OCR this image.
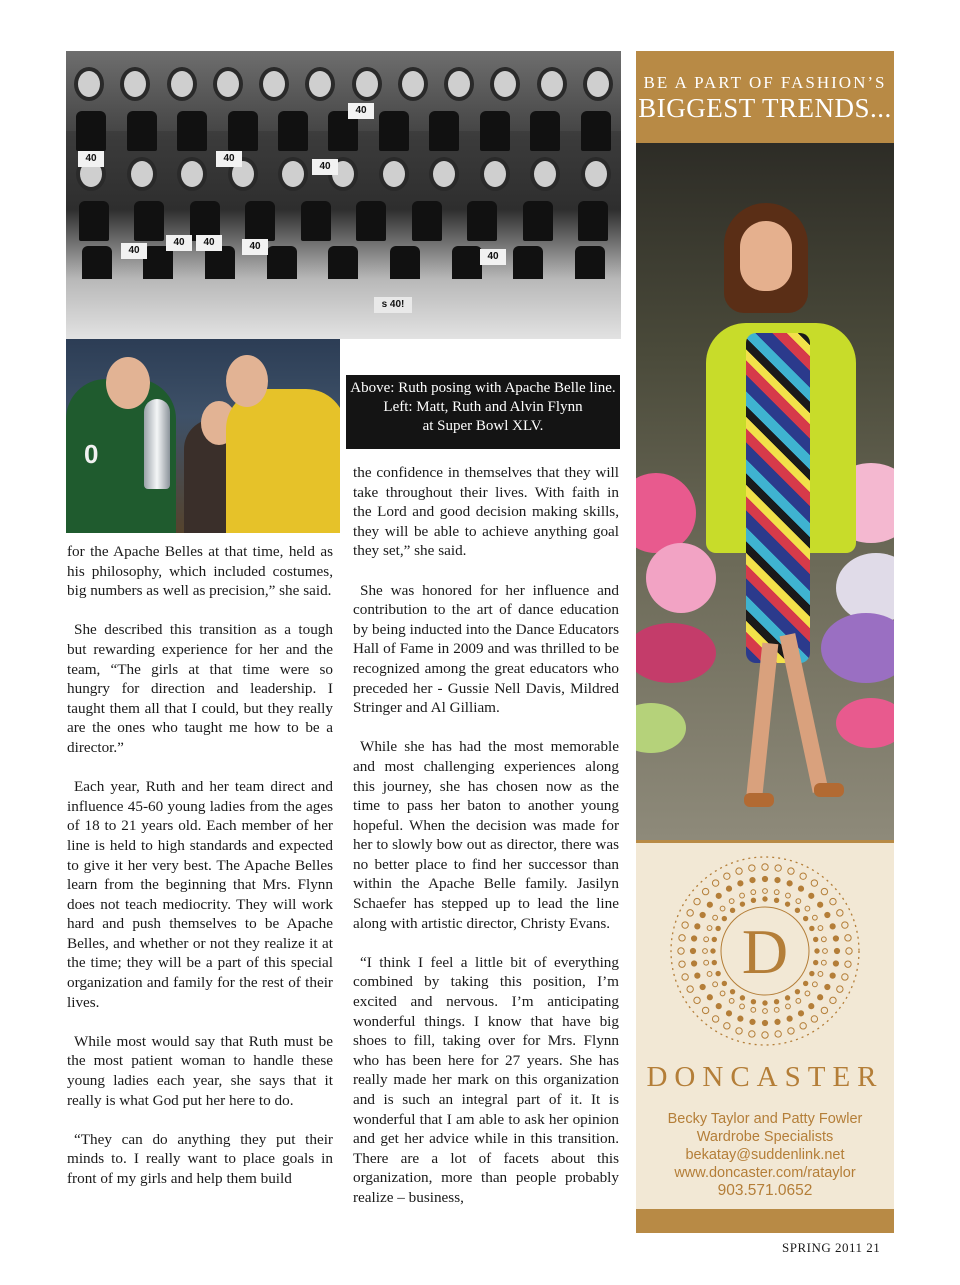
40
40	40
40
40
40	40	40
40
s 40!
0
Above: Ruth posing with Apache Belle line.
Left: Matt, Ruth and Alvin Flynn
at Super Bowl XLV.

for the Apache Belles at that time, held as his philosophy, which included costumes, big numbers as well as precision,” she said.

She described this transition as a tough but rewarding experience for her and the team, “The girls at that time were so hungry for direction and leadership. I taught them all that I could, but they really are the ones who taught me how to be a director.”

Each year, Ruth and her team direct and influence 45-60 young ladies from the ages of 18 to 21 years old. Each member of her line is held to high standards and expected to give it her very best. The Apache Belles learn from the beginning that Mrs. Flynn does not teach mediocrity. They will work hard and push themselves to be Apache Belles, and whether or not they realize it at the time; they will be a part of this special organization and family for the rest of their lives.

While most would say that Ruth must be the most patient woman to handle these young ladies each year, she says that it really is what God put her here to do.

“They can do anything they put their minds to. I really want to place goals in front of my girls and help them build

the confidence in themselves that they will take throughout their lives. With faith in the Lord and good decision making skills, they will be able to achieve anything goal they set,” she said.

She was honored for her influence and contribution to the art of dance education by being inducted into the Dance Educators Hall of Fame in 2009 and was thrilled to be recognized among the great educators who preceded her - Gussie Nell Davis, Mildred Stringer and Al Gilliam.

While she has had the most memorable and most challenging experiences along this journey, she has chosen now as the time to pass her baton to another young hopeful. When the decision was made for her to slowly bow out as director, there was no better place to find her successor than within the Apache Belle family. Jasilyn Schaefer has stepped up to lead the line along with artistic director, Christy Evans.

“I think I feel a little bit of everything combined by taking this position, I’m excited and nervous. I’m anticipating wonderful things. I know that have big shoes to fill, taking over for Mrs. Flynn who has been here for 27 years. She has really made her mark on this organization and is such an integral part of it. It is wonderful that I am able to ask her opinion and get her advice while in this transition. There are a lot of facets about this organization, more than people probably realize – business,

BE A PART OF FASHION’S
BIGGEST TRENDS...
D
DONCASTER
Becky Taylor and Patty Fowler
Wardrobe Specialists
bekatay@suddenlink.net
www.doncaster.com/rataylor
903.571.0652
SPRING 2011 21
